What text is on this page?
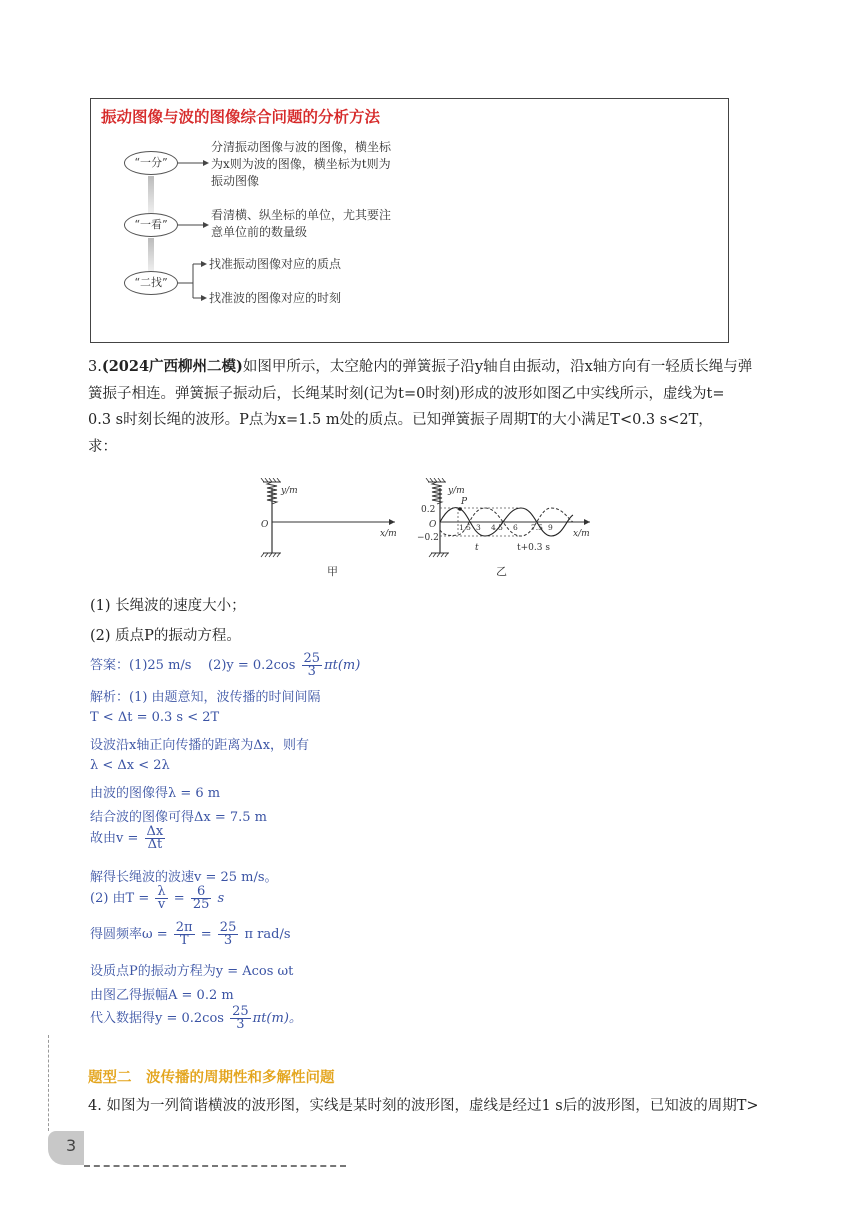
振动图像与波的图像综合问题的分析方法
“一分”
“一看”
“二找”
分清振动图像与波的图像，横坐标
为x则为波的图像，横坐标为t则为
振动图像
看清横、纵坐标的单位，尤其要注
意单位前的数量级
找准振动图像对应的质点
找准波的图像对应的时刻
3.(2024广西柳州二模)如图甲所示，太空舱内的弹簧振子沿y轴自由振动，沿x轴方向有一轻质长绳与弹
簧振子相连。弹簧振子振动后，长绳某时刻(记为t=0时刻)形成的波形如图乙中实线所示，虚线为t=
0.3 s时刻长绳的波形。P点为x=1.5 m处的质点。已知弹簧振子周期T的大小满足T<0.3 s<2T，
求：
y/m
O
x/m
甲
y/m
0.2
O
−0.2
P
1.5 3 4.5 6 7.5 9
x/m
t	t+0.3 s
乙
(1) 长绳波的速度大小；
(2) 质点P的振动方程。
答案：(1)25 m/s $(2)y = 0.2\cos \frac{25}{3} \pi t(m)$
解析：(1) 由题意知，波传播的时间间隔
T < Δt = 0.3 s < 2T
设波沿x轴正向传播的距离为Δx，则有
λ < Δx < 2λ
由波的图像得λ = 6 m
结合波的图像可得Δx = 7.5 m
故由$v = \frac{\Delta x}{\Delta t}$
解得长绳波的波速v = 25 m/s。
(2) 由$T = \frac{\lambda}{v} = \frac{6}{25}$ s
得圆频率$\omega = \frac{2\pi}{T} = \frac{25}{3}$ π rad/s
设质点P的振动方程为y = Acos ωt
由图乙得振幅A = 0.2 m
代入数据得$y = 0.2\cos \frac{25}{3} \pi t(m)$。
题型二　波传播的周期性和多解性问题
4. 如图为一列简谐横波的波形图，实线是某时刻的波形图，虚线是经过1 s后的波形图，已知波的周期T>
3
